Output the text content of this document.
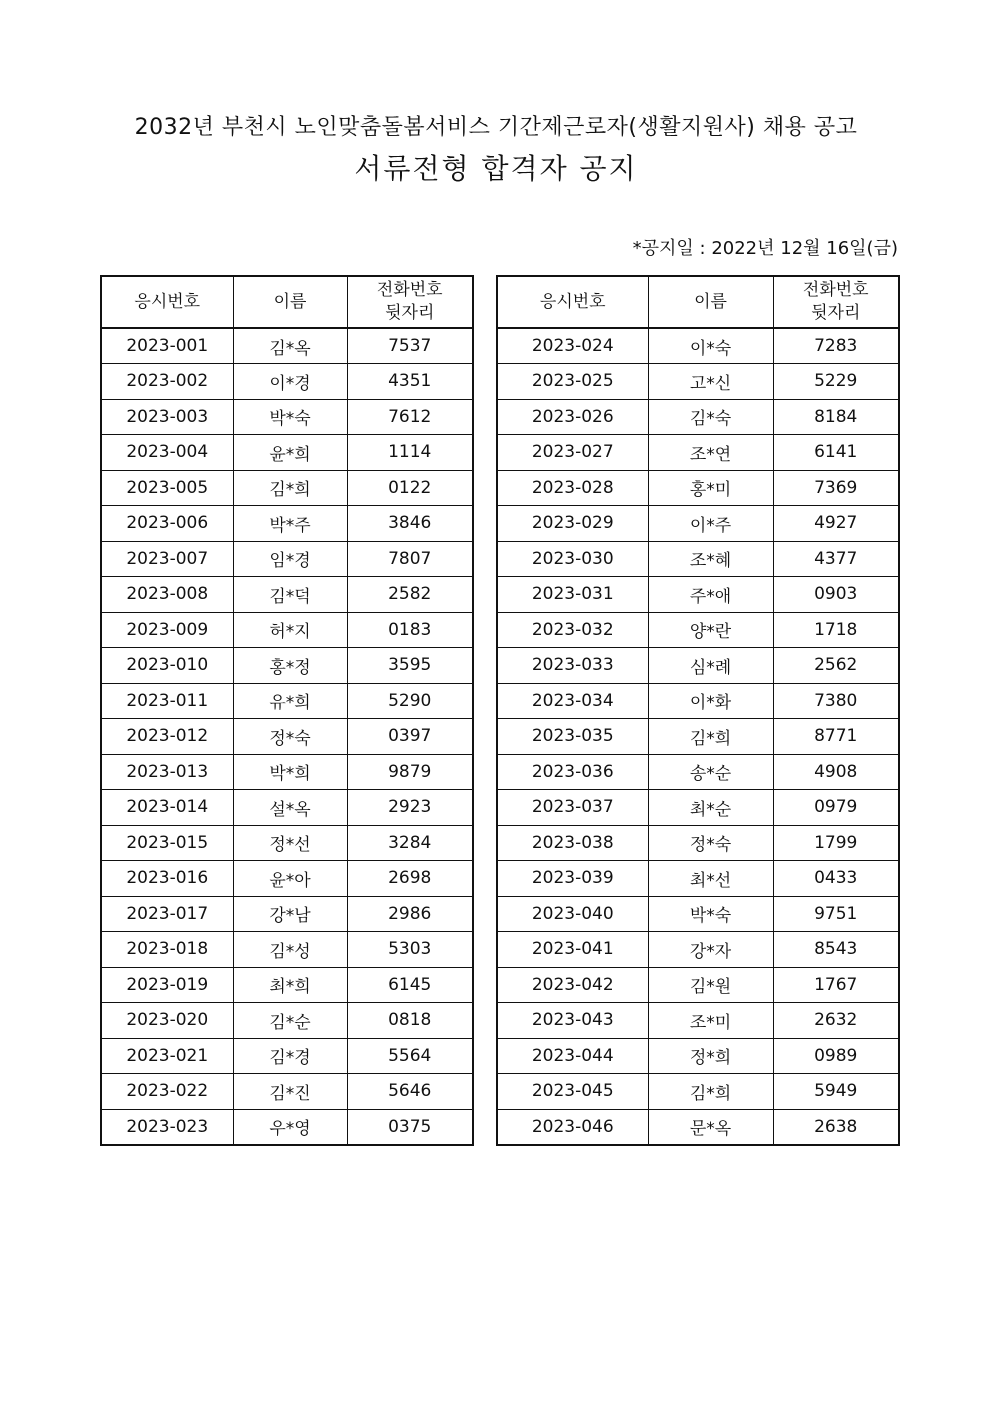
2032년 부천시 노인맞춤돌봄서비스 기간제근로자(생활지원사) 채용 공고
서류전형 합격자 공지
*공지일 : 2022년 12월 16일(금)
응시번호	이름	전화번호
뒷자리

2023-001	김*옥	7537
2023-002	이*경	4351
2023-003	박*숙	7612
2023-004	윤*희	1114
2023-005	김*희	0122
2023-006	박*주	3846
2023-007	임*경	7807
2023-008	김*덕	2582
2023-009	허*지	0183
2023-010	홍*정	3595
2023-011	유*희	5290
2023-012	정*숙	0397
2023-013	박*희	9879
2023-014	설*옥	2923
2023-015	정*선	3284
2023-016	윤*아	2698
2023-017	강*남	2986
2023-018	김*성	5303
2023-019	최*희	6145
2023-020	김*순	0818
2023-021	김*경	5564
2023-022	김*진	5646
2023-023	우*영	0375
응시번호	이름	전화번호
뒷자리

2023-024	이*숙	7283
2023-025	고*신	5229
2023-026	김*숙	8184
2023-027	조*연	6141
2023-028	홍*미	7369
2023-029	이*주	4927
2023-030	조*혜	4377
2023-031	주*애	0903
2023-032	양*란	1718
2023-033	심*례	2562
2023-034	이*화	7380
2023-035	김*희	8771
2023-036	송*순	4908
2023-037	최*순	0979
2023-038	정*숙	1799
2023-039	최*선	0433
2023-040	박*숙	9751
2023-041	강*자	8543
2023-042	김*원	1767
2023-043	조*미	2632
2023-044	정*희	0989
2023-045	김*희	5949
2023-046	문*옥	2638
